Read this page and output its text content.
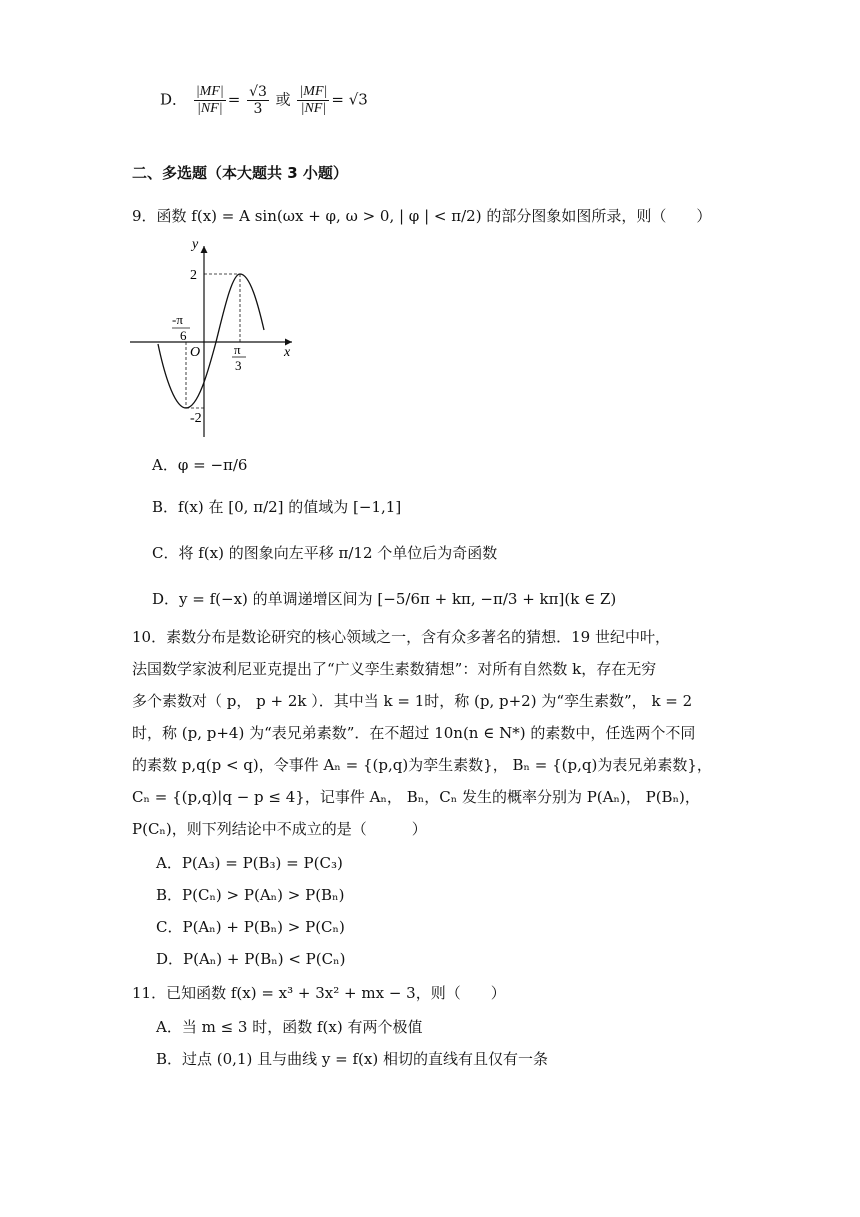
D． $\frac{|MF|}{|NF|} = \frac{√3}{3}$ 或 $\frac{|MF|}{|NF|} = √3$
二、多选题（本大题共 3 小题）
9．函数 f(x) = A sin(ωx + φ, ω > 0, | φ | < π/2) 的部分图象如图所录，则（　　）
y
x
O
2
-2
-π
6
π
3
A．φ = −π/6
B．f(x) 在 [0, π/2] 的值域为 [−1,1]
C．将 f(x) 的图象向左平移 π/12 个单位后为奇函数
D．y = f(−x) 的单调递增区间为 [−5/6π + kπ, −π/3 + kπ](k ∈ Z)
10．素数分布是数论研究的核心领域之一，含有众多著名的猜想．19 世纪中叶，
法国数学家波利尼亚克提出了“广义孪生素数猜想”：对所有自然数 k，存在无穷
多个素数对（ p， p + 2k ）．其中当 k = 1时，称 (p, p+2) 为“孪生素数”， k = 2
时，称 (p, p+4) 为“表兄弟素数”．在不超过 10n(n ∈ N*) 的素数中，任选两个不同
的素数 p,q(p < q)，令事件 Aₙ = {(p,q)为孪生素数}， Bₙ = {(p,q)为表兄弟素数}，
Cₙ = {(p,q)|q − p ≤ 4}，记事件 Aₙ， Bₙ，Cₙ 发生的概率分别为 P(Aₙ)， P(Bₙ)，
P(Cₙ)，则下列结论中不成立的是（　　　）
A．P(A₃) = P(B₃) = P(C₃)
B．P(Cₙ) > P(Aₙ) > P(Bₙ)
C．P(Aₙ) + P(Bₙ) > P(Cₙ)
D．P(Aₙ) + P(Bₙ) < P(Cₙ)
11．已知函数 f(x) = x³ + 3x² + mx − 3，则（　　）
A．当 m ≤ 3 时，函数 f(x) 有两个极值
B．过点 (0,1) 且与曲线 y = f(x) 相切的直线有且仅有一条
